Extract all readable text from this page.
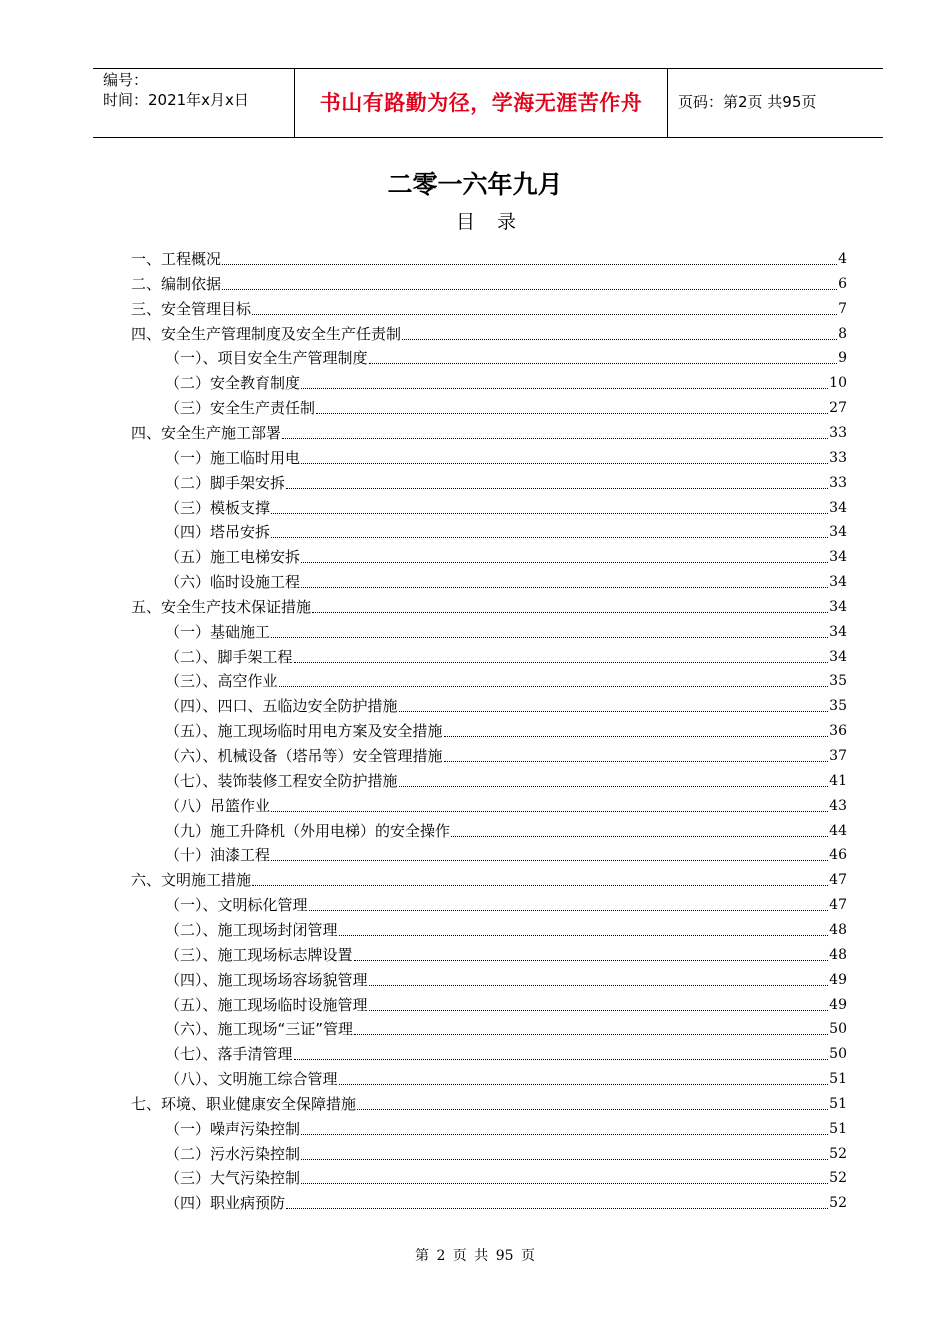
编号：
时间：2021年x月x日	书山有路勤为径，学海无涯苦作舟	页码：第2页 共95页
二零一六年九月
目 录
一、工程概况	4
二、编制依据	6
三、安全管理目标	7
四、安全生产管理制度及安全生产任责制	8
（一）、项目安全生产管理制度	9
（二）安全教育制度	10
（三）安全生产责任制	27
四、安全生产施工部署	33
（一）施工临时用电	33
（二）脚手架安拆	33
（三）模板支撑	34
（四）塔吊安拆	34
（五）施工电梯安拆	34
（六）临时设施工程	34
五、安全生产技术保证措施	34
（一）基础施工	34
（二）、脚手架工程	34
（三）、高空作业	35
（四）、四口、五临边安全防护措施	35
（五）、施工现场临时用电方案及安全措施	36
（六）、机械设备（塔吊等）安全管理措施	37
（七）、装饰装修工程安全防护措施	41
（八）吊篮作业	43
（九）施工升降机（外用电梯）的安全操作	44
（十）油漆工程	46
六、文明施工措施	47
（一）、文明标化管理	47
（二）、施工现场封闭管理	48
（三）、施工现场标志牌设置	48
（四）、施工现场场容场貌管理	49
（五）、施工现场临时设施管理	49
（六）、施工现场“三证”管理	50
（七）、落手清管理	50
（八）、文明施工综合管理	51
七、环境、职业健康安全保障措施	51
（一）噪声污染控制	51
（二）污水污染控制	52
（三）大气污染控制	52
（四）职业病预防	52
第 2 页 共 95 页
